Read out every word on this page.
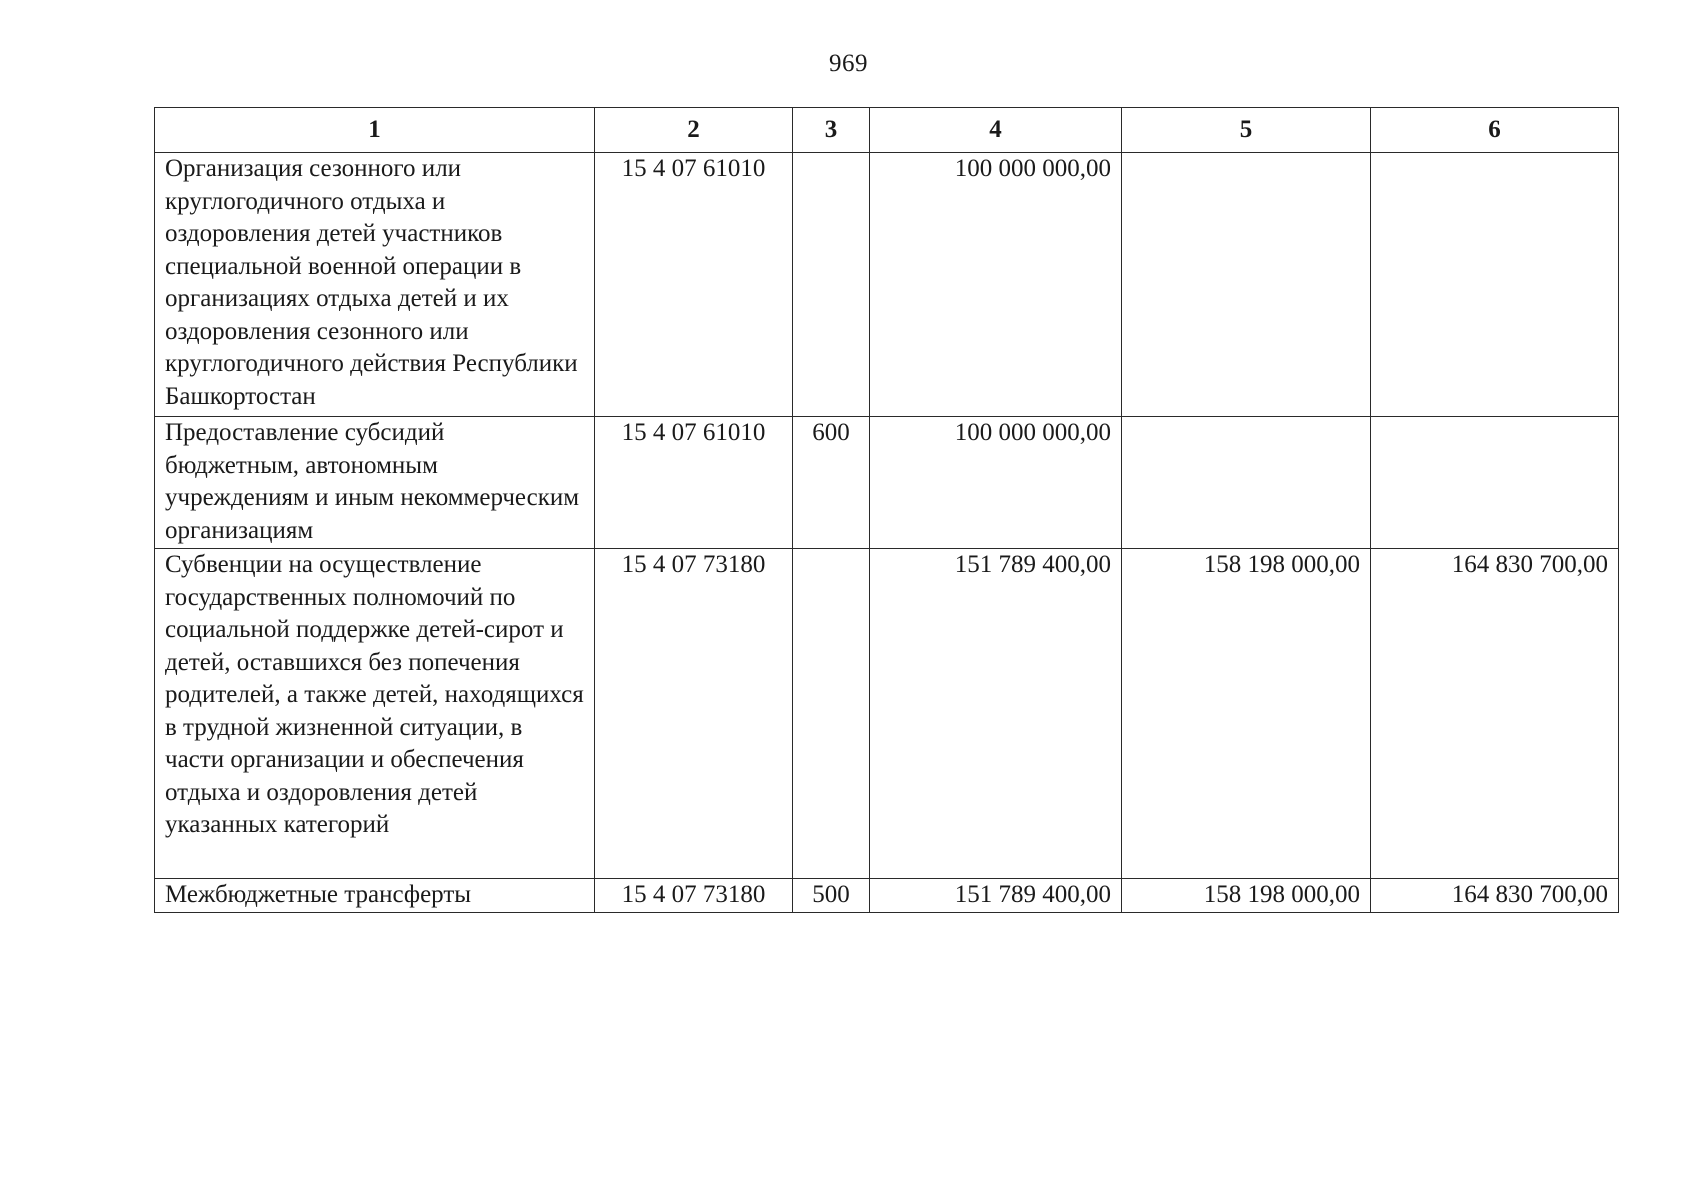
969
1	2	3	4	5	6
Организация сезонного или круглогодичного отдыха и оздоровления детей участников специальной военной операции в организациях отдыха детей и их оздоровления сезонного или круглогодичного действия Республики Башкортостан	15 4 07 61010		100 000 000,00		
Предоставление субсидий бюджетным, автономным учреждениям и иным некоммерческим организациям	15 4 07 61010	600	100 000 000,00		
Субвенции на осуществление государственных полномочий по социальной поддержке детей-сирот и детей, оставшихся без попечения родителей, а также детей, находящихся в трудной жизненной ситуации, в части организации и обеспечения отдыха и оздоровления детей указанных категорий	15 4 07 73180		151 789 400,00	158 198 000,00	164 830 700,00
Межбюджетные трансферты	15 4 07 73180	500	151 789 400,00	158 198 000,00	164 830 700,00
